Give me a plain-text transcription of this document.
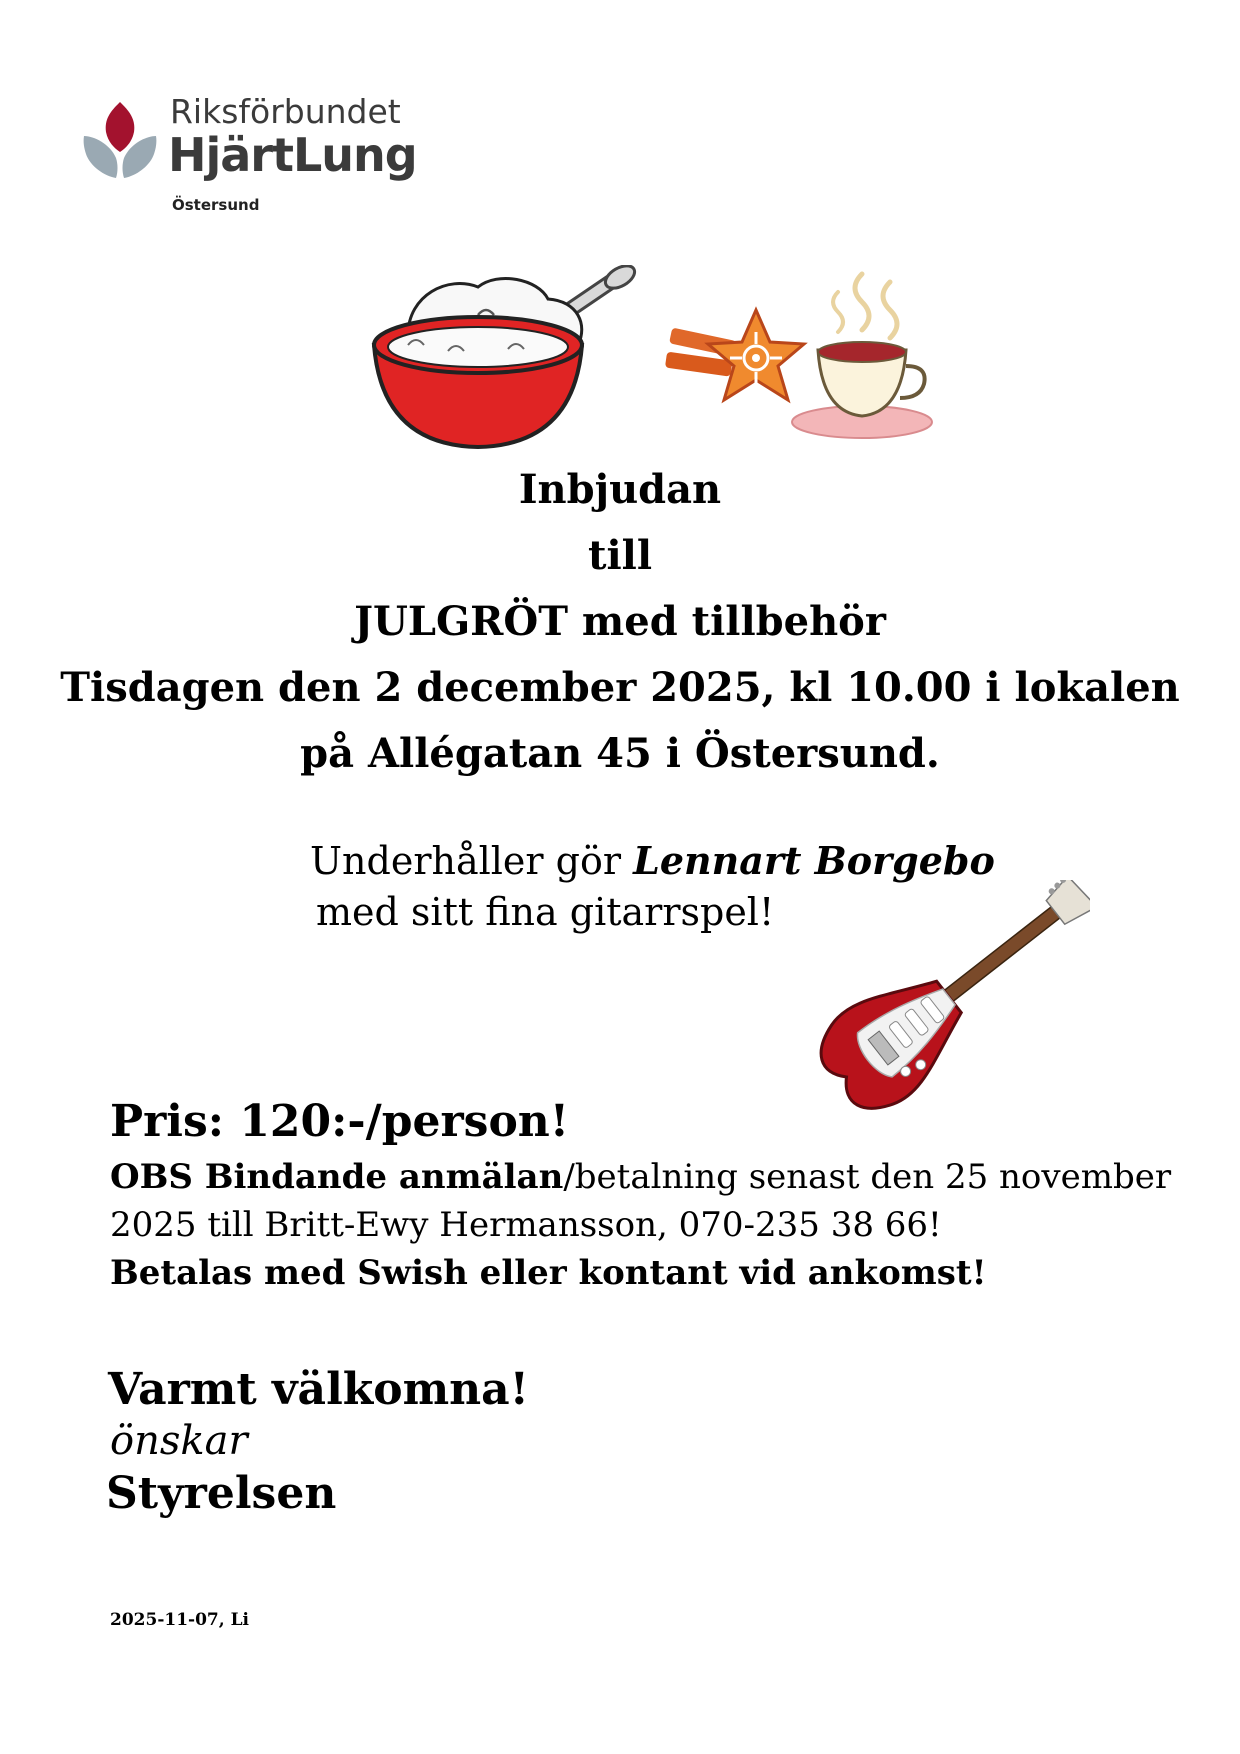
Riksförbundet
HjärtLung
Östersund
Inbjudan
till
JULGRÖT med tillbehör
Tisdagen den 2 december 2025, kl 10.00 i lokalen
på Allégatan 45 i Östersund.
Underhåller gör Lennart Borgebo
med sitt fina gitarrspel!
Pris: 120:-/person!
OBS Bindande anmälan/betalning senast den 25 november
2025 till Britt-Ewy Hermansson, 070-235 38 66!
Betalas med Swish eller kontant vid ankomst!
Varmt välkomna!
önskar
Styrelsen
2025-11-07, Li
